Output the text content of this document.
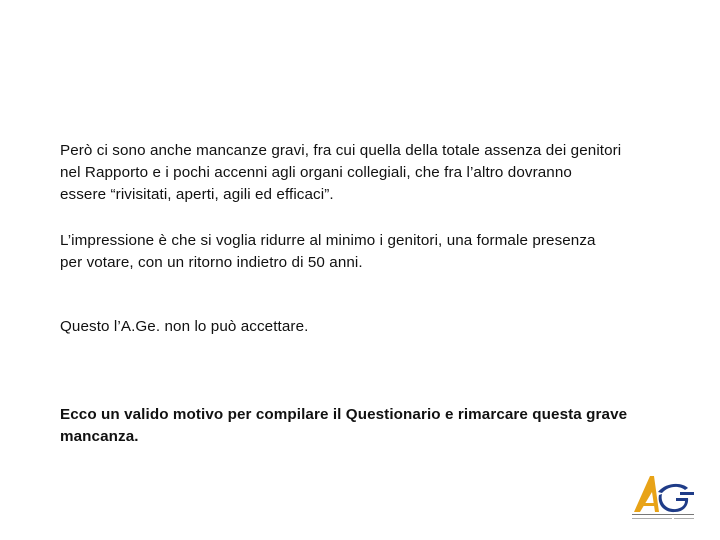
Però ci sono anche mancanze gravi, fra cui quella della totale assenza dei genitori
nel Rapporto e i pochi accenni agli organi collegiali, che fra l’altro dovranno
essere “rivisitati, aperti, agili ed efficaci”.
L’impressione è che si voglia ridurre al minimo i genitori, una formale presenza
per votare, con un ritorno indietro di 50 anni.
Questo l’A.Ge. non lo può accettare.
Ecco un valido motivo per compilare il Questionario e rimarcare questa grave
mancanza.
